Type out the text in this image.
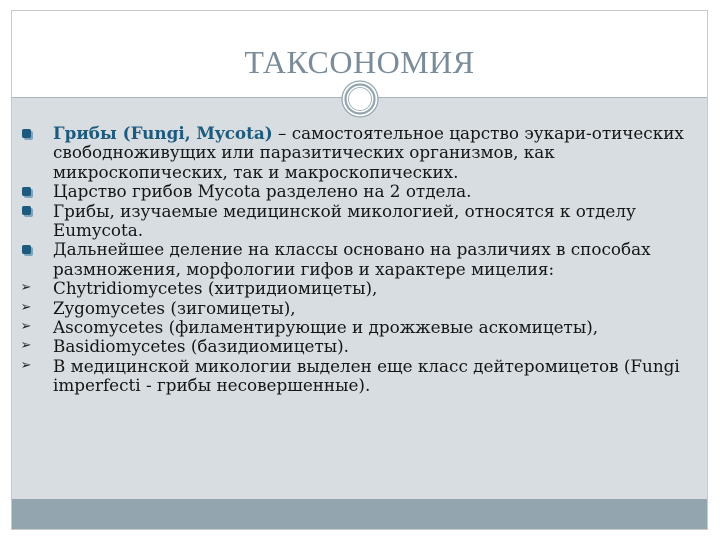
ТАКСОНОМИЯ
Грибы (Fungi, Mycota) – самостоятельное царство эукари-отических свободноживущих или паразитических организмов, как микроскопических, так и макроскопических.
Царство грибов Mycota разделено на 2 отдела.
Грибы, изучаемые медицинской микологией, относятся к отделу Eumycota.
Дальнейшее деление на классы основано на различиях в способах размножения, морфологии гифов и характере мицелия:
➢ Chytridiomycetes (хитридиомицеты),
➢ Zygomycetes (зигомицеты),
➢ Ascomycetes (филаментирующие и дрожжевые аскомицеты),
➢ Basidiomycetes (базидиомицеты).
➢ В медицинской микологии выделен еще класс дейтеромицетов (Fungi imperfecti - грибы несовершенные).
